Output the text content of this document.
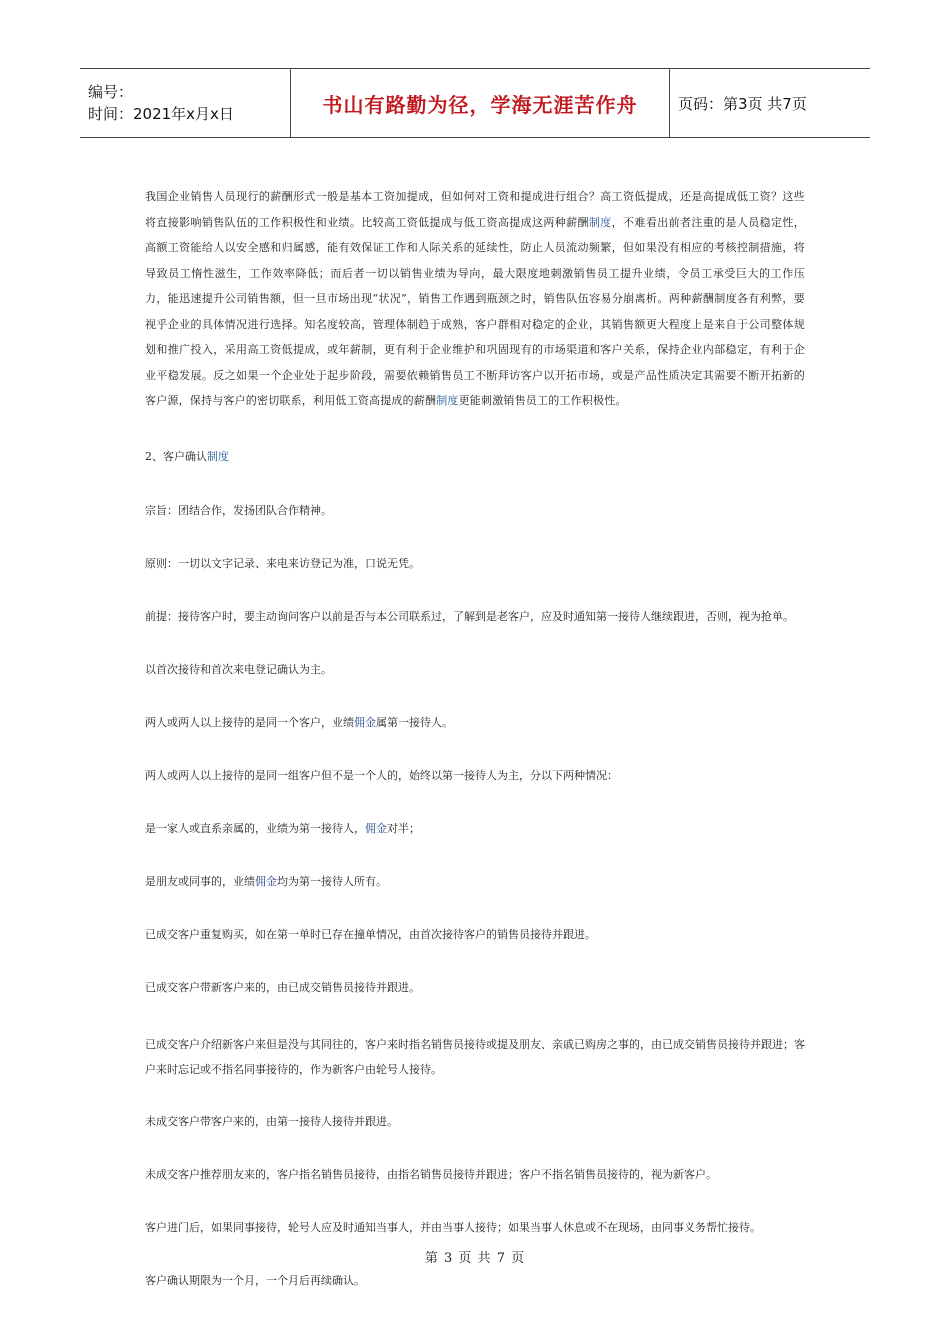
编号：
时间：2021年x月x日	书山有路勤为径，学海无涯苦作舟	页码：第3页 共7页

我国企业销售人员现行的薪酬形式一般是基本工资加提成，但如何对工资和提成进行组合？高工资低提成，还是高提成低工资？这些将直接影响销售队伍的工作积极性和业绩。比较高工资低提成与低工资高提成这两种薪酬制度，不难看出前者注重的是人员稳定性，高额工资能给人以安全感和归属感，能有效保证工作和人际关系的延续性，防止人员流动频繁，但如果没有相应的考核控制措施，将导致员工惰性滋生，工作效率降低；而后者一切以销售业绩为导向，最大限度地刺激销售员工提升业绩，令员工承受巨大的工作压力，能迅速提升公司销售额，但一旦市场出现“状况”，销售工作遇到瓶颈之时，销售队伍容易分崩离析。两种薪酬制度各有利弊，要视乎企业的具体情况进行选择。知名度较高，管理体制趋于成熟，客户群相对稳定的企业，其销售额更大程度上是来自于公司整体规划和推广投入，采用高工资低提成，或年薪制，更有利于企业维护和巩固现有的市场渠道和客户关系，保持企业内部稳定，有利于企业平稳发展。反之如果一个企业处于起步阶段，需要依赖销售员工不断拜访客户以开拓市场，或是产品性质决定其需要不断开拓新的客户源，保持与客户的密切联系，利用低工资高提成的薪酬制度更能刺激销售员工的工作积极性。

2、客户确认制度

宗旨：团结合作，发扬团队合作精神。

原则：一切以文字记录、来电来访登记为准，口说无凭。

前提：接待客户时，要主动询问客户以前是否与本公司联系过，了解到是老客户，应及时通知第一接待人继续跟进，否则，视为抢单。

以首次接待和首次来电登记确认为主。

两人或两人以上接待的是同一个客户，业绩佣金属第一接待人。

两人或两人以上接待的是同一组客户但不是一个人的，始终以第一接待人为主，分以下两种情况：

是一家人或直系亲属的，业绩为第一接待人，佣金对半；

是朋友或同事的，业绩佣金均为第一接待人所有。

已成交客户重复购买，如在第一单时已存在撞单情况，由首次接待客户的销售员接待并跟进。

已成交客户带新客户来的，由已成交销售员接待并跟进。

已成交客户介绍新客户来但是没与其同往的，客户来时指名销售员接待或提及朋友、亲戚已购房之事的，由已成交销售员接待并跟进；客户来时忘记或不指名同事接待的，作为新客户由轮号人接待。

未成交客户带客户来的，由第一接待人接待并跟进。

未成交客户推荐朋友来的，客户指名销售员接待，由指名销售员接待并跟进；客户不指名销售员接待的，视为新客户。

客户进门后，如果同事接待，轮号人应及时通知当事人，并由当事人接待；如果当事人休息或不在现场，由同事义务帮忙接待。

客户确认期限为一个月，一个月后再续确认。

第 3 页 共 7 页
